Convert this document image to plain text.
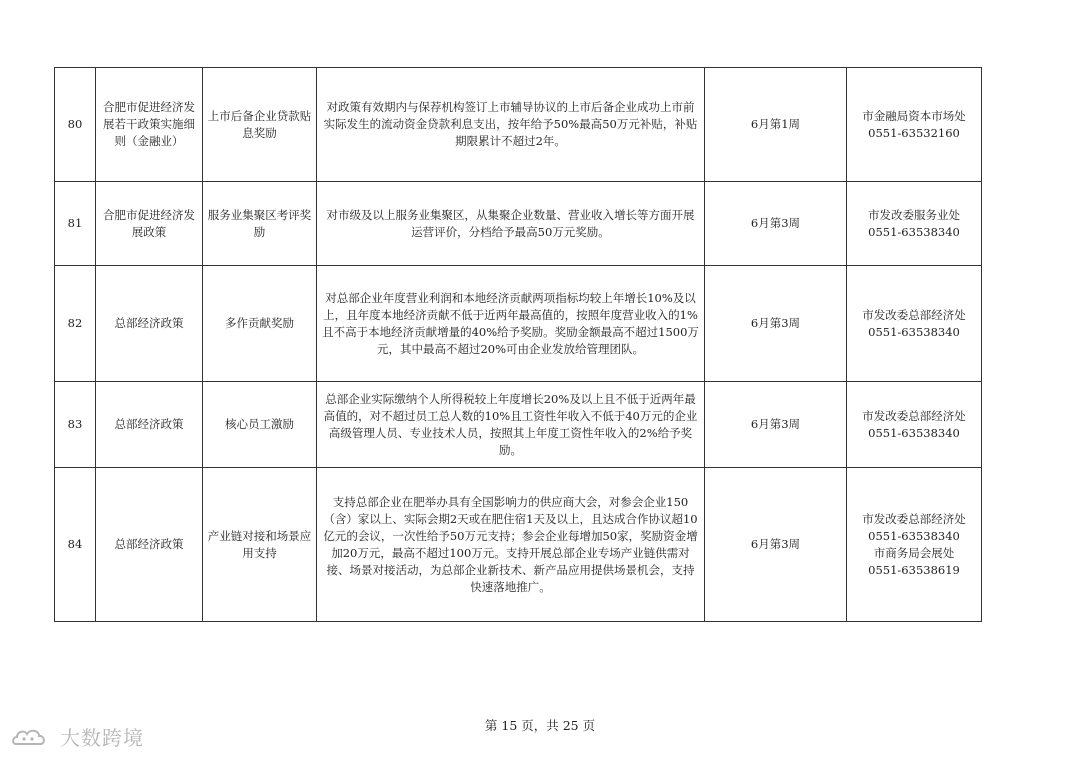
80	合肥市促进经济发展若干政策实施细则（金融业）	上市后备企业贷款贴息奖励	对政策有效期内与保荐机构签订上市辅导协议的上市后备企业成功上市前实际发生的流动资金贷款利息支出，按年给予50%最高50万元补贴，补贴期限累计不超过2年。	6月第1周	市金融局资本市场处
0551-63532160

81	合肥市促进经济发展政策	服务业集聚区考评奖励	对市级及以上服务业集聚区，从集聚企业数量、营业收入增长等方面开展运营评价，分档给予最高50万元奖励。	6月第3周	市发改委服务业处
0551-63538340

82	总部经济政策	多作贡献奖励	对总部企业年度营业利润和本地经济贡献两项指标均较上年增长10%及以上，且年度本地经济贡献不低于近两年最高值的，按照年度营业收入的1%且不高于本地经济贡献增量的40%给予奖励。奖励金额最高不超过1500万元，其中最高不超过20%可由企业发放给管理团队。	6月第3周	市发改委总部经济处
0551-63538340

83	总部经济政策	核心员工激励	总部企业实际缴纳个人所得税较上年度增长20%及以上且不低于近两年最高值的，对不超过员工总人数的10%且工资性年收入不低于40万元的企业高级管理人员、专业技术人员，按照其上年度工资性年收入的2%给予奖励。	6月第3周	市发改委总部经济处
0551-63538340

84	总部经济政策	产业链对接和场景应用支持	支持总部企业在肥举办具有全国影响力的供应商大会，对参会企业150（含）家以上、实际会期2天或在肥住宿1天及以上，且达成合作协议超10亿元的会议，一次性给予50万元支持；参会企业每增加50家，奖励资金增加20万元，最高不超过100万元。支持开展总部企业专场产业链供需对接、场景对接活动，为总部企业新技术、新产品应用提供场景机会，支持快速落地推广。	6月第3周	市发改委总部经济处
0551-63538340
市商务局会展处
0551-63538619
第 15 页，共 25 页
大数跨境
